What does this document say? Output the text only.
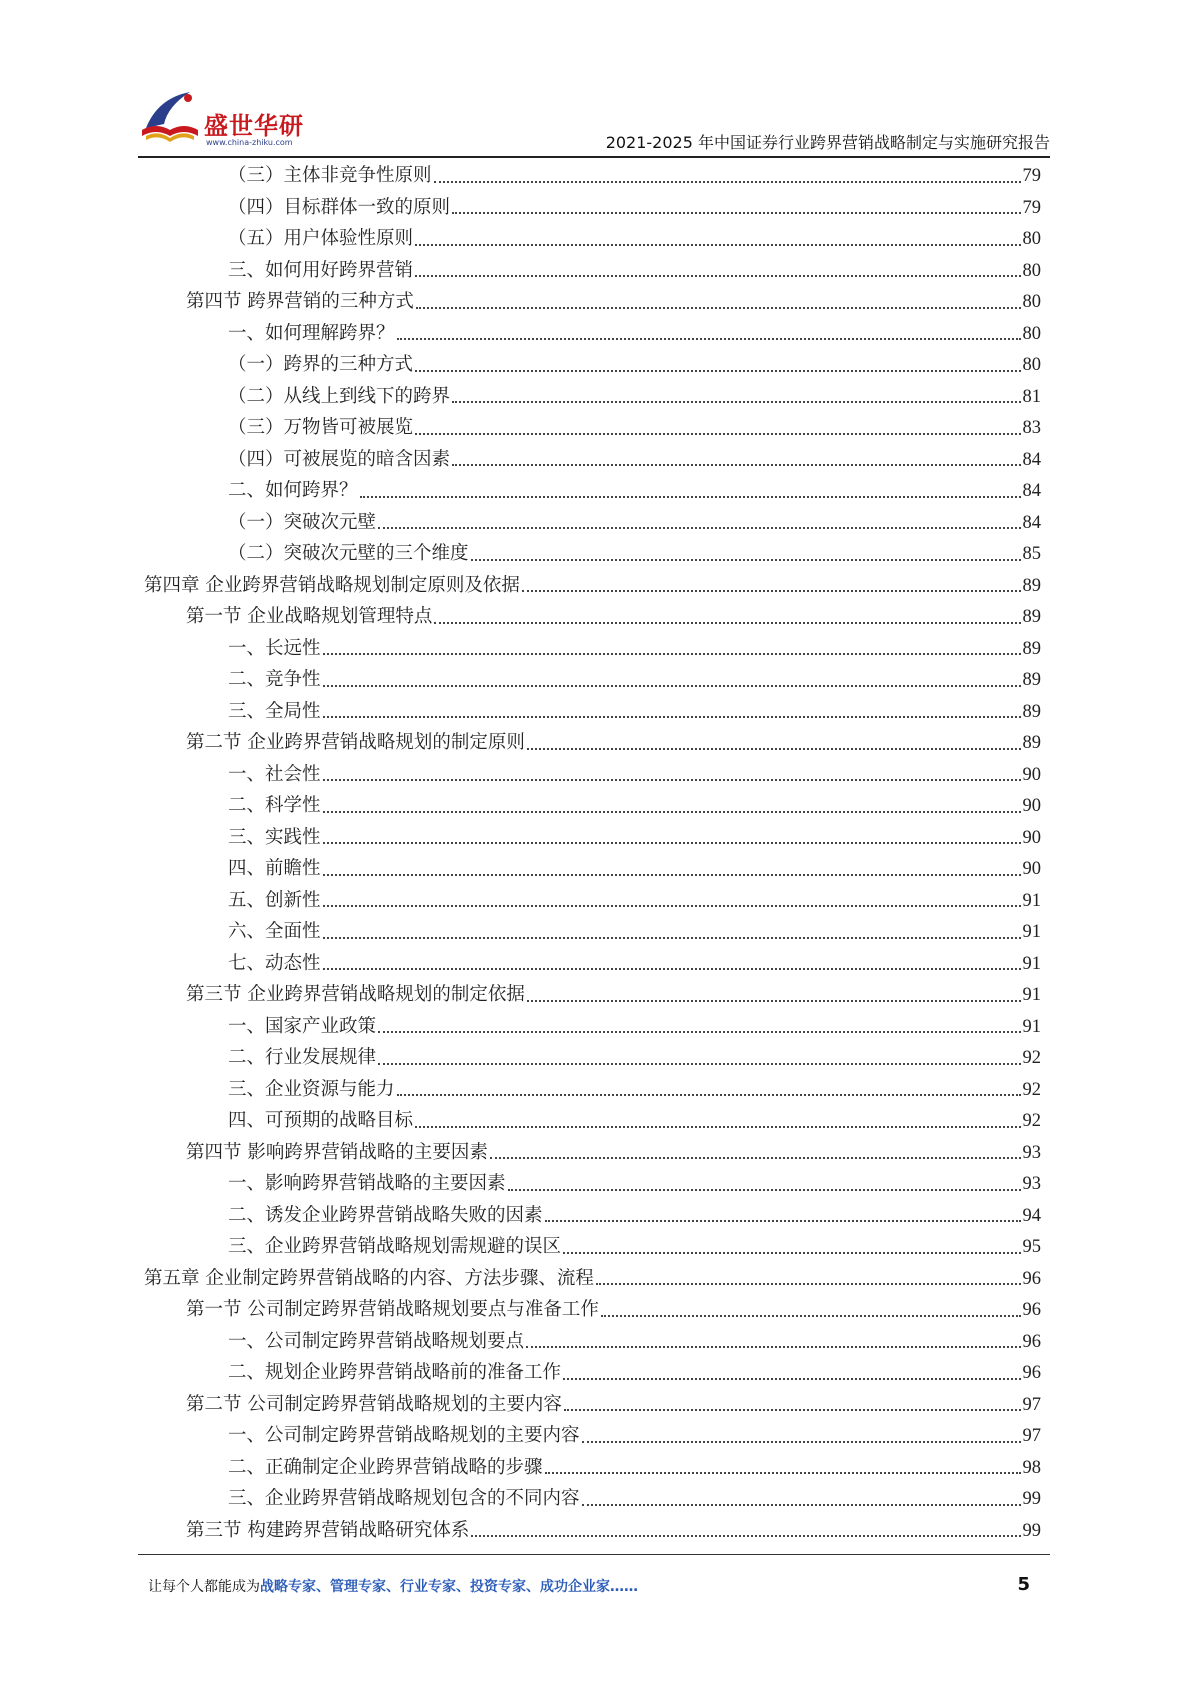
盛世华研
www.china-zhiku.com	2021-2025 年中国证券行业跨界营销战略制定与实施研究报告
（三）主体非竞争性原则	79
（四）目标群体一致的原则	79
（五）用户体验性原则	80
三、如何用好跨界营销	80
第四节 跨界营销的三种方式	80
一、如何理解跨界？	80
（一）跨界的三种方式	80
（二）从线上到线下的跨界	81
（三）万物皆可被展览	83
（四）可被展览的暗含因素	84
二、如何跨界？	84
（一）突破次元壁	84
（二）突破次元壁的三个维度	85
第四章 企业跨界营销战略规划制定原则及依据	89
第一节 企业战略规划管理特点	89
一、长远性	89
二、竞争性	89
三、全局性	89
第二节 企业跨界营销战略规划的制定原则	89
一、社会性	90
二、科学性	90
三、实践性	90
四、前瞻性	90
五、创新性	91
六、全面性	91
七、动态性	91
第三节 企业跨界营销战略规划的制定依据	91
一、国家产业政策	91
二、行业发展规律	92
三、企业资源与能力	92
四、可预期的战略目标	92
第四节 影响跨界营销战略的主要因素	93
一、影响跨界营销战略的主要因素	93
二、诱发企业跨界营销战略失败的因素	94
三、企业跨界营销战略规划需规避的误区	95
第五章 企业制定跨界营销战略的内容、方法步骤、流程	96
第一节 公司制定跨界营销战略规划要点与准备工作	96
一、公司制定跨界营销战略规划要点	96
二、规划企业跨界营销战略前的准备工作	96
第二节 公司制定跨界营销战略规划的主要内容	97
一、公司制定跨界营销战略规划的主要内容	97
二、正确制定企业跨界营销战略的步骤	98
三、企业跨界营销战略规划包含的不同内容	99
第三节 构建跨界营销战略研究体系	99
让每个人都能成为战略专家、管理专家、行业专家、投资专家、成功企业家……	5
